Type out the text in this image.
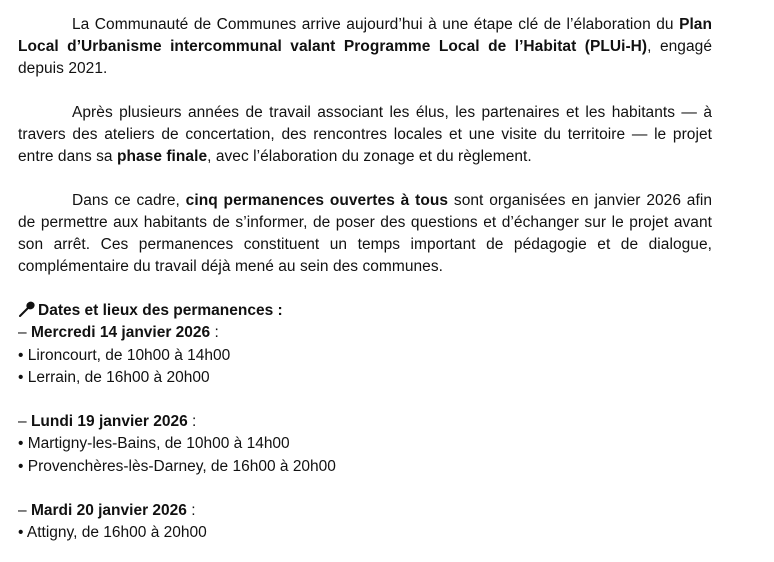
La Communauté de Communes arrive aujourd’hui à une étape clé de l’élaboration du Plan Local d’Urbanisme intercommunal valant Programme Local de l’Habitat (PLUi-H), engagé depuis 2021.

Après plusieurs années de travail associant les élus, les partenaires et les habitants — à travers des ateliers de concertation, des rencontres locales et une visite du territoire — le projet entre dans sa phase finale, avec l’élaboration du zonage et du règlement.

Dans ce cadre, cinq permanences ouvertes à tous sont organisées en janvier 2026 afin de permettre aux habitants de s’informer, de poser des questions et d’échanger sur le projet avant son arrêt. Ces permanences constituent un temps important de pédagogie et de dialogue, complémentaire du travail déjà mené au sein des communes.

Dates et lieux des permanences :
– Mercredi 14 janvier 2026 :
• Lironcourt, de 10h00 à 14h00
• Lerrain, de 16h00 à 20h00
– Lundi 19 janvier 2026 :
• Martigny-les-Bains, de 10h00 à 14h00
• Provenchères-lès-Darney, de 16h00 à 20h00
– Mardi 20 janvier 2026 :
• Attigny, de 16h00 à 20h00
